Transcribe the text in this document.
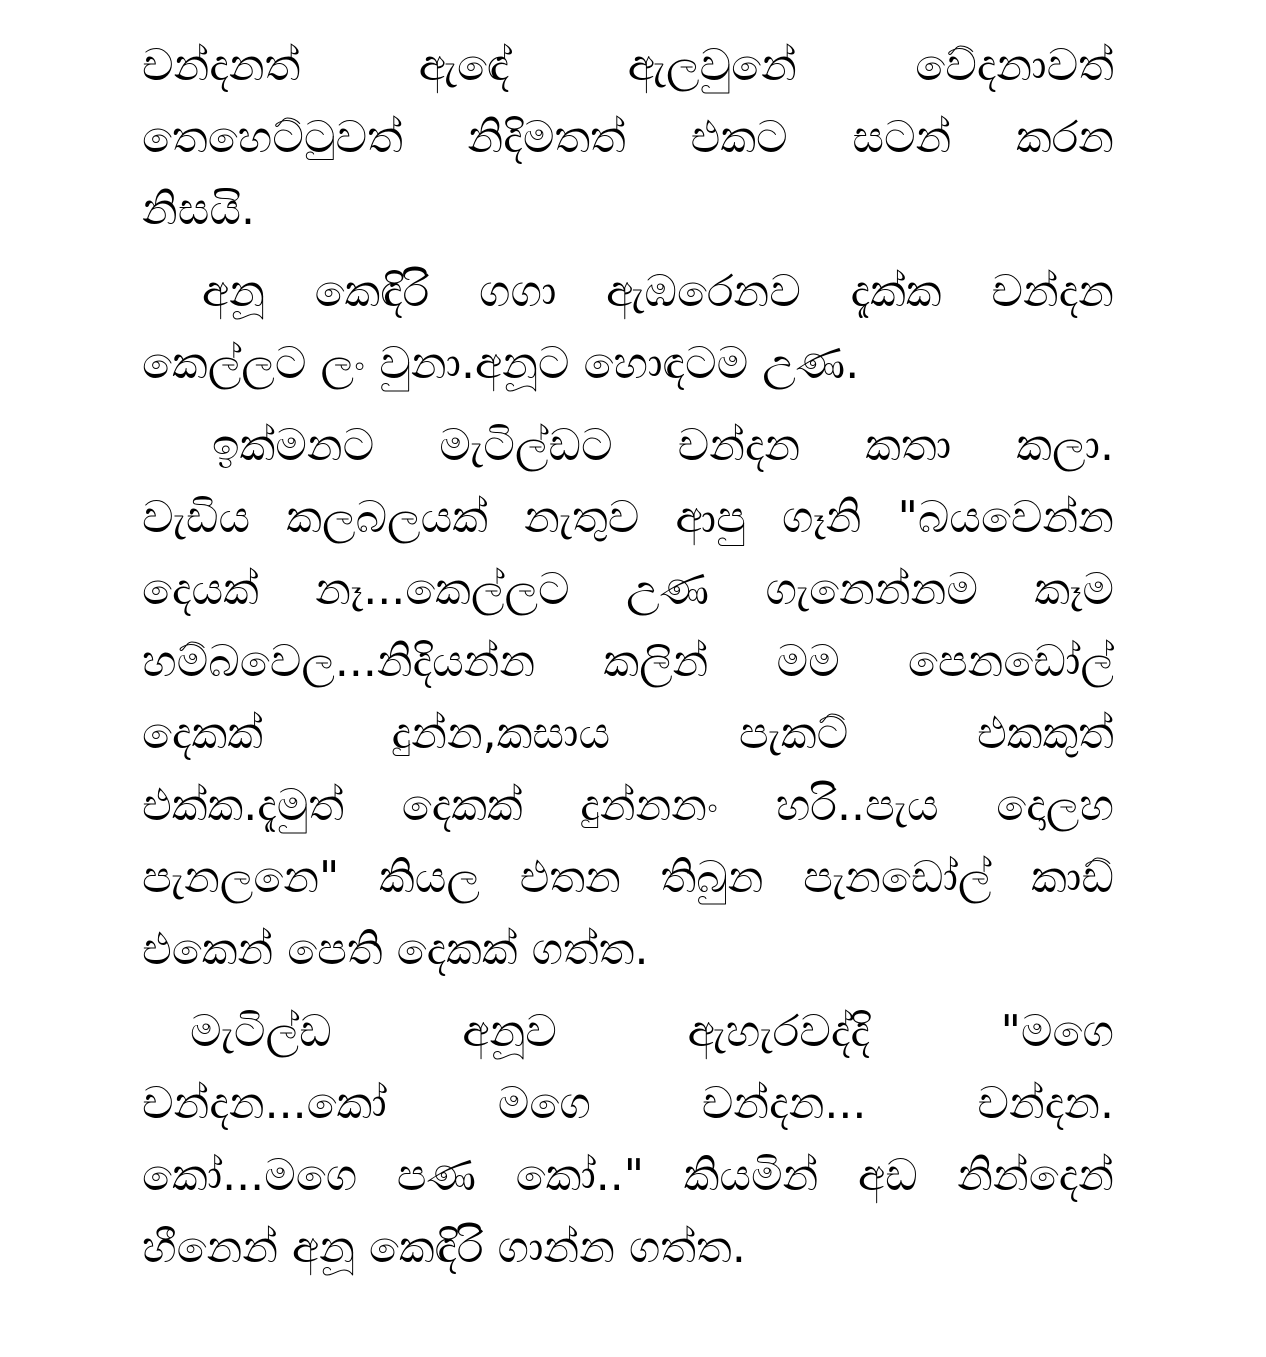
චන්දනත් ඇඳේ ඇලවුනේ වේදනාවත්
තෙහෙට්ටුවත් නිදිමතත් එකට සටන් කරන
නිසයි.
අනූ කෙඳිරි ගගා ඇඹරෙනව දැක්ක චන්දන
කෙල්ලට ලං වුනා.අනූට හොඳටම උණ.
ඉක්මනට මැටිල්ඩට චන්දන කතා කලා.
වැඩිය කලබලයක් නැතුව ආපු ගෑනි "බයවෙන්න
දෙයක් නෑ...කෙල්ලට උණ ගැනෙන්නම කෑම
හම්බවෙල...නිදියන්න කලින් මම පෙනඩෝල්
දෙකක් දුන්න,කසාය පැකට් එකකුත්
එක්ක.දැමුත් දෙකක් දුන්නනං හරි..පැය දොලහ
පැනලනෙ" කියල එතන තිබුන පැනඩෝල් කාඩ්
එකෙන් පෙති දෙකක් ගත්ත.
මැටිල්ඩ අනූව ඇහැරවද්දි "මගෙ
චන්දන...කෝ මගෙ චන්දන... චන්දන.
කෝ...මගෙ පණ කෝ.." කියමින් අඩ නින්දෙන්
හීනෙන් අනූ කෙඳිරි ගාන්න ගත්ත.
